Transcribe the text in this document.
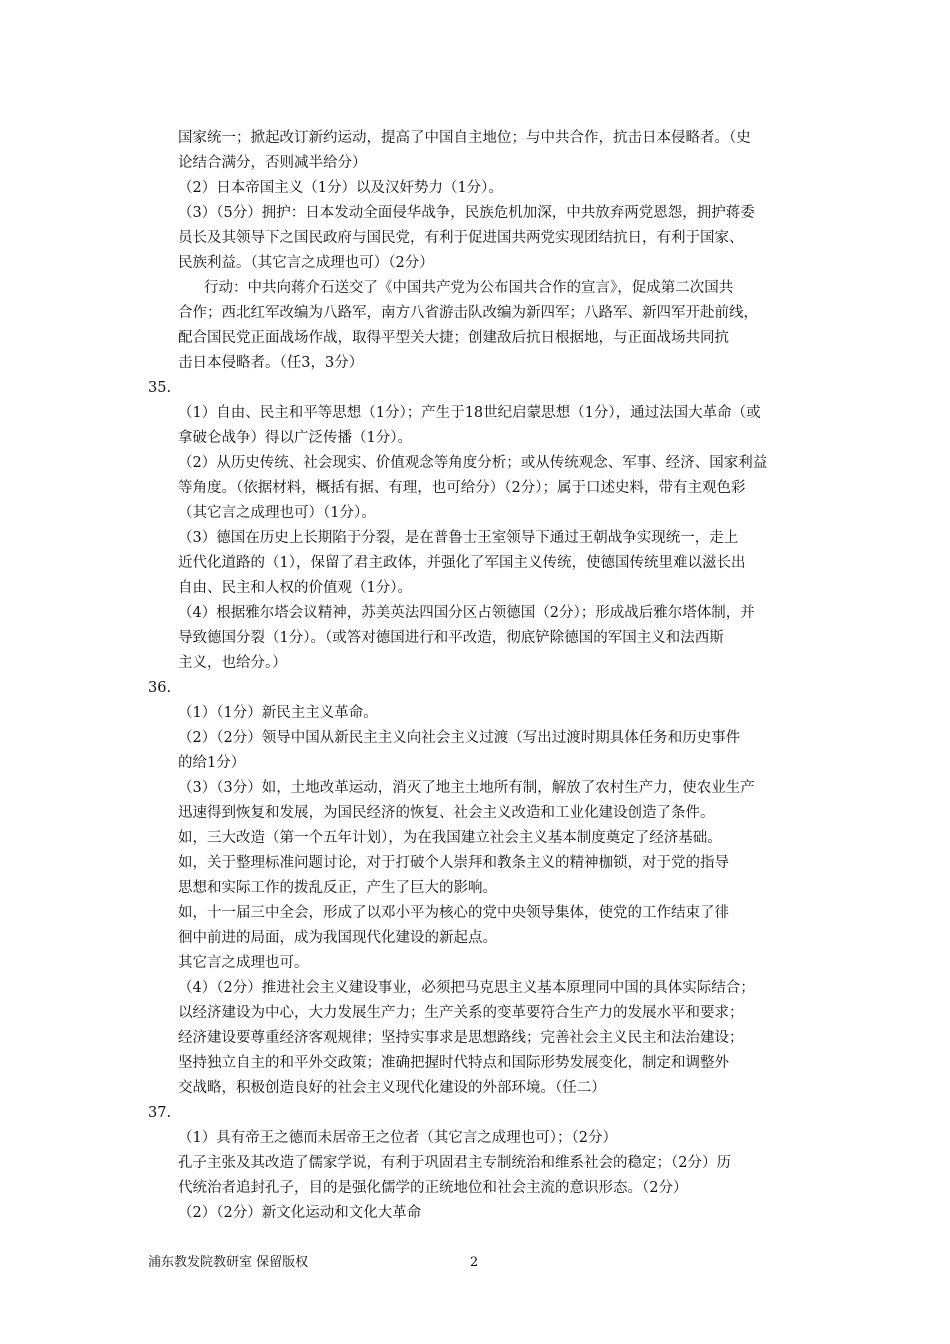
国家统一；掀起改订新约运动，提高了中国自主地位；与中共合作，抗击日本侵略者。（史
论结合满分，否则减半给分）
（2）日本帝国主义（1分）以及汉奸势力（1分）。
（3）（5分）拥护：日本发动全面侵华战争，民族危机加深，中共放弃两党恩怨，拥护蒋委
员长及其领导下之国民政府与国民党，有利于促进国共两党实现团结抗日，有利于国家、
民族利益。（其它言之成理也可）（2分）
行动：中共向蒋介石送交了《中国共产党为公布国共合作的宣言》，促成第二次国共
合作；西北红军改编为八路军，南方八省游击队改编为新四军；八路军、新四军开赴前线，
配合国民党正面战场作战，取得平型关大捷；创建敌后抗日根据地，与正面战场共同抗
击日本侵略者。（任3，3分）
35.
（1）自由、民主和平等思想（1分）；产生于18世纪启蒙思想（1分），通过法国大革命（或
拿破仑战争）得以广泛传播（1分）。
（2）从历史传统、社会现实、价值观念等角度分析；或从传统观念、军事、经济、国家利益
等角度。（依据材料，概括有据、有理，也可给分）（2分）；属于口述史料，带有主观色彩
（其它言之成理也可）（1分）。
（3）德国在历史上长期陷于分裂，是在普鲁士王室领导下通过王朝战争实现统一，走上
近代化道路的（1），保留了君主政体，并强化了军国主义传统，使德国传统里难以滋长出
自由、民主和人权的价值观（1分）。
（4）根据雅尔塔会议精神，苏美英法四国分区占领德国（2分）；形成战后雅尔塔体制，并
导致德国分裂（1分）。（或答对德国进行和平改造，彻底铲除德国的军国主义和法西斯
主义，也给分。）
36.
（1）（1分）新民主主义革命。
（2）（2分）领导中国从新民主主义向社会主义过渡（写出过渡时期具体任务和历史事件
的给1分）
（3）（3分）如，土地改革运动，消灭了地主土地所有制，解放了农村生产力，使农业生产
迅速得到恢复和发展，为国民经济的恢复、社会主义改造和工业化建设创造了条件。
如，三大改造（第一个五年计划），为在我国建立社会主义基本制度奠定了经济基础。
如，关于整理标准问题讨论，对于打破个人崇拜和教条主义的精神枷锁，对于党的指导
思想和实际工作的拨乱反正，产生了巨大的影响。
如，十一届三中全会，形成了以邓小平为核心的党中央领导集体，使党的工作结束了徘
徊中前进的局面，成为我国现代化建设的新起点。
其它言之成理也可。
（4）（2分）推进社会主义建设事业，必须把马克思主义基本原理同中国的具体实际结合；
以经济建设为中心，大力发展生产力；生产关系的变革要符合生产力的发展水平和要求；
经济建设要尊重经济客观规律；坚持实事求是思想路线；完善社会主义民主和法治建设；
坚持独立自主的和平外交政策；准确把握时代特点和国际形势发展变化，制定和调整外
交战略，积极创造良好的社会主义现代化建设的外部环境。（任二）
37.
（1）具有帝王之德而未居帝王之位者（其它言之成理也可）；（2分）
孔子主张及其改造了儒家学说，有利于巩固君主专制统治和维系社会的稳定；（2分）历
代统治者追封孔子，目的是强化儒学的正统地位和社会主流的意识形态。（2分）
（2）（2分）新文化运动和文化大革命
浦东教发院教研室 保留版权	2
